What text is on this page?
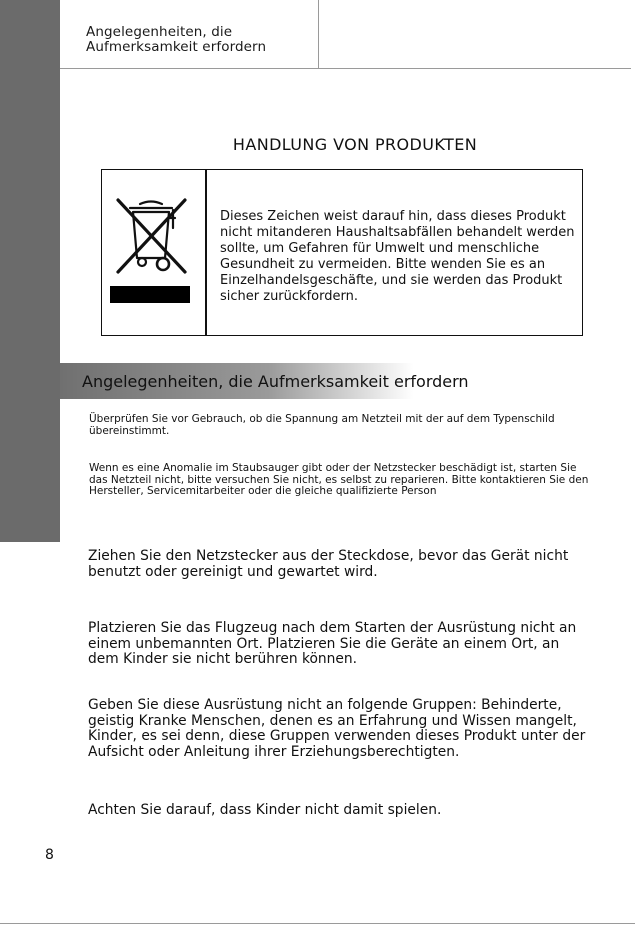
Angelegenheiten, die
Aufmerksamkeit erfordern
HANDLUNG VON PRODUKTEN
Dieses Zeichen weist darauf hin, dass dieses Produkt nicht mitanderen Haushaltsabfällen behandelt werden sollte, um Gefahren für Umwelt und menschliche Gesundheit zu vermeiden. Bitte wenden Sie es an Einzelhandelsgeschäfte, und sie werden das Produkt sicher zurückfordern.
Angelegenheiten, die Aufmerksamkeit erfordern
Überprüfen Sie vor Gebrauch, ob die Spannung am Netzteil mit der auf dem Typenschild übereinstimmt.
Wenn es eine Anomalie im Staubsauger gibt oder der Netzstecker beschädigt ist, starten Sie das Netzteil nicht, bitte versuchen Sie nicht, es selbst zu reparieren. Bitte kontaktieren Sie den Hersteller, Servicemitarbeiter oder die gleiche qualifizierte Person
Ziehen Sie den Netzstecker aus der Steckdose, bevor das Gerät nicht benutzt oder gereinigt und gewartet wird.
Platzieren Sie das Flugzeug nach dem Starten der Ausrüstung nicht an einem unbemannten Ort. Platzieren Sie die Geräte an einem Ort, an dem Kinder sie nicht berühren können.
Geben Sie diese Ausrüstung nicht an folgende Gruppen: Behinderte, geistig Kranke Menschen, denen es an Erfahrung und Wissen mangelt, Kinder, es sei denn, diese Gruppen verwenden dieses Produkt unter der Aufsicht oder Anleitung ihrer Erziehungsberechtigten.
Achten Sie darauf, dass Kinder nicht damit spielen.
8
